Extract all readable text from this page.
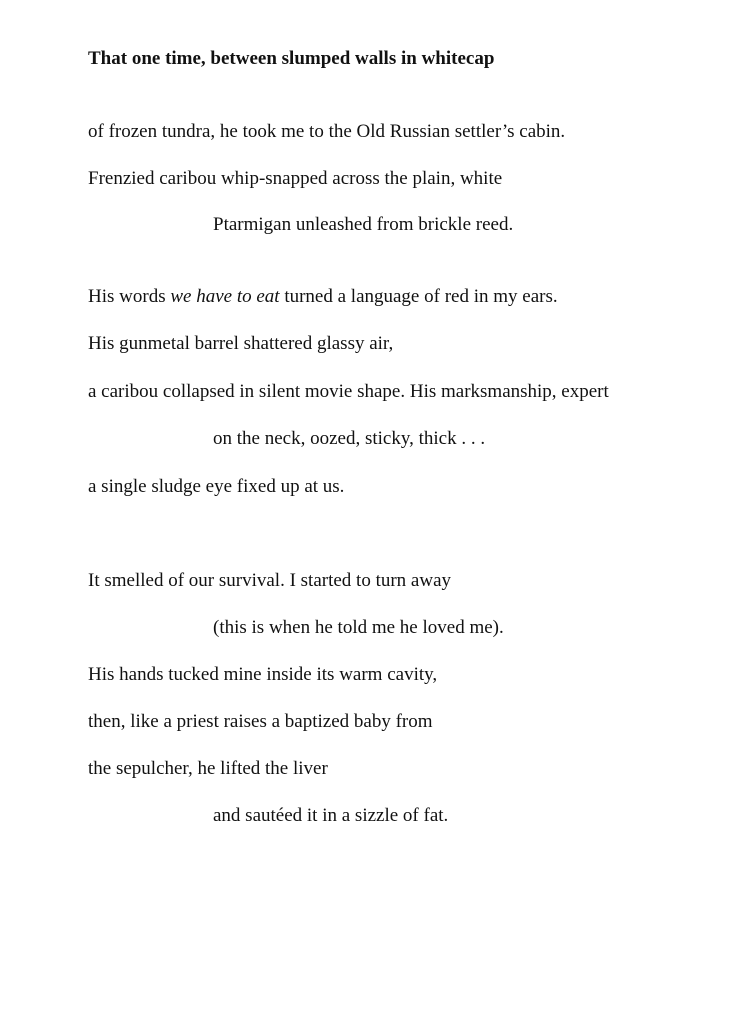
That one time, between slumped walls in whitecap
of frozen tundra, he took me to the Old Russian settler’s cabin.
Frenzied caribou whip-snapped across the plain, white
Ptarmigan unleashed from brickle reed.
His words we have to eat turned a language of red in my ears.
His gunmetal barrel shattered glassy air,
a caribou collapsed in silent movie shape. His marksmanship, expert
on the neck, oozed, sticky, thick . . .
a single sludge eye fixed up at us.
It smelled of our survival. I started to turn away
(this is when he told me he loved me).
His hands tucked mine inside its warm cavity,
then, like a priest raises a baptized baby from
the sepulcher, he lifted the liver
and sautéed it in a sizzle of fat.
